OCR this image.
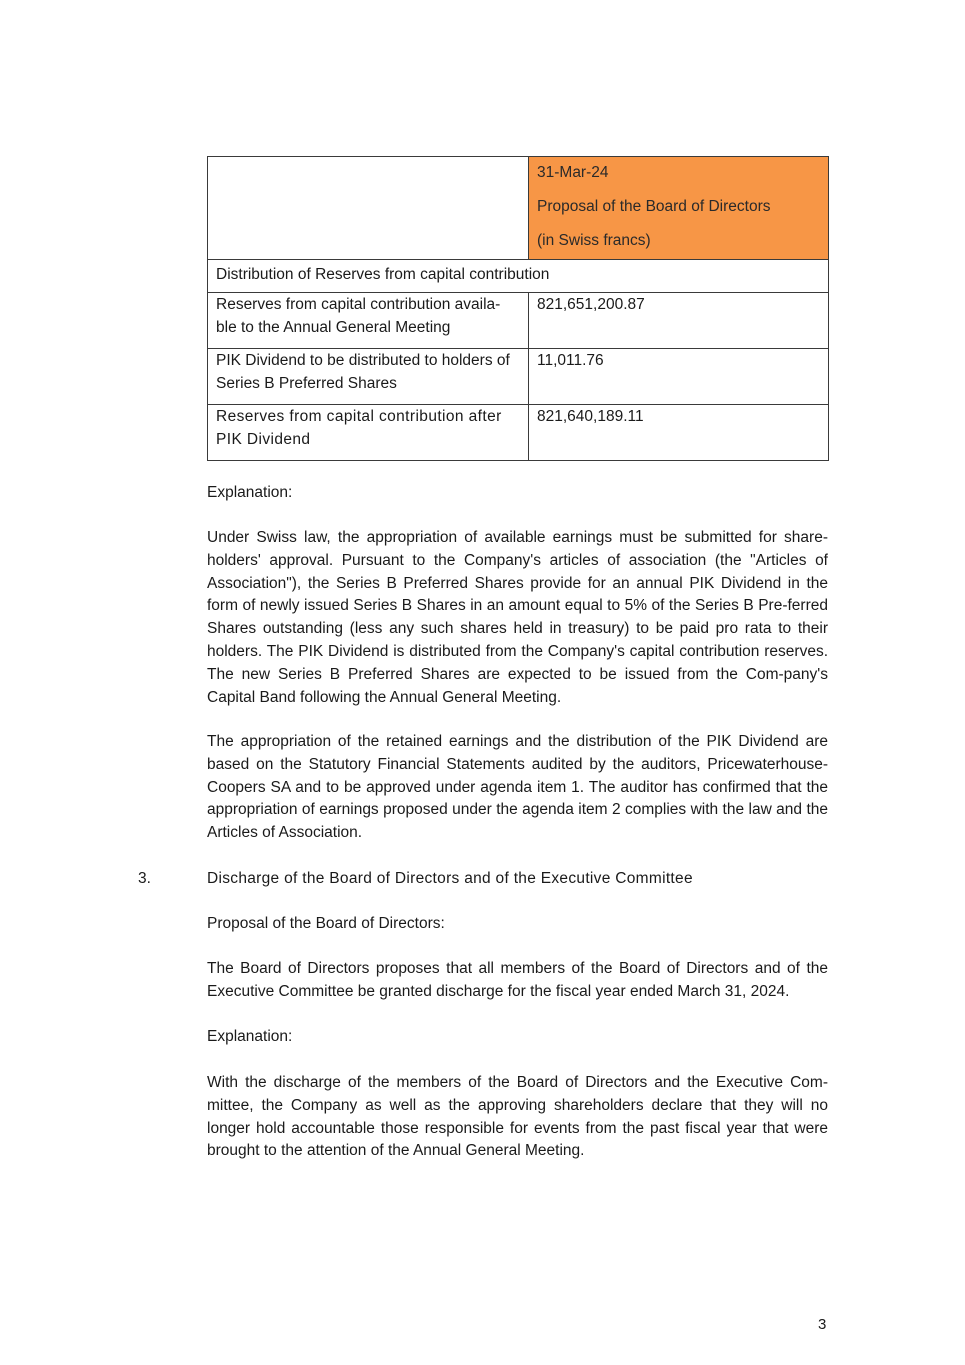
	31-Mar-24
Proposal of the Board of Directors
(in Swiss francs)

Distribution of Reserves from capital contribution	

Reserves from capital contribution availa-
ble to the Annual General Meeting	821,651,200.87

PIK Dividend to be distributed to holders of
Series B Preferred Shares	11,011.76

Reserves from capital contribution after
PIK Dividend	821,640,189.11

Explanation:

Under Swiss law, the appropriation of available earnings must be submitted for share-holders' approval. Pursuant to the Company's articles of association (the "Articles of Association"), the Series B Preferred Shares provide for an annual PIK Dividend in the form of newly issued Series B Shares in an amount equal to 5% of the Series B Pre-ferred Shares outstanding (less any such shares held in treasury) to be paid pro rata to their holders. The PIK Dividend is distributed from the Company's capital contribution reserves. The new Series B Preferred Shares are expected to be issued from the Com-pany's Capital Band following the Annual General Meeting.

The appropriation of the retained earnings and the distribution of the PIK Dividend are based on the Statutory Financial Statements audited by the auditors, Pricewaterhouse-Coopers SA and to be approved under agenda item 1. The auditor has confirmed that the appropriation of earnings proposed under the agenda item 2 complies with the law and the Articles of Association.

3.	Discharge of the Board of Directors and of the Executive Committee

Proposal of the Board of Directors:

The Board of Directors proposes that all members of the Board of Directors and of the Executive Committee be granted discharge for the fiscal year ended March 31, 2024.

Explanation:

With the discharge of the members of the Board of Directors and the Executive Com-mittee, the Company as well as the approving shareholders declare that they will no longer hold accountable those responsible for events from the past fiscal year that were brought to the attention of the Annual General Meeting.

3
